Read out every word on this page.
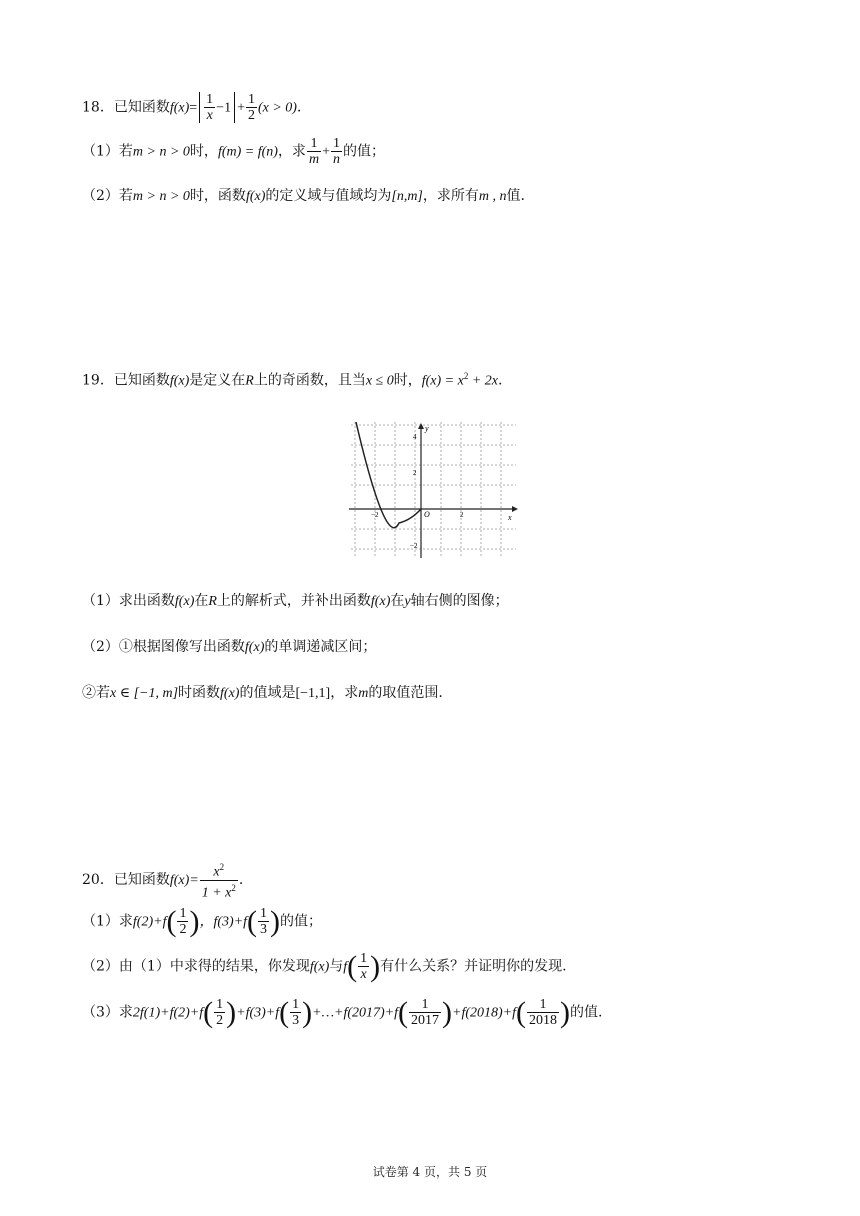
18．已知函数$f(x)= \frac{1}{x} -1 + \frac{1}{2} (x > 0)$．
（1）若m > n > 0时，f(m) = f(n)，求 $\frac{1}{m} + \frac{1}{n}$ 的值；
（2）若m > n > 0时，函数f(x)的定义域与值域均为[n,m]，求所有m , n值.
19．已知函数f(x)是定义在R上的奇函数，且当x ≤ 0时，$f(x) = x^2 + 2x$.
y
x
O
4
2
−2
2
−2
（1）求出函数f(x)在R上的解析式，并补出函数f(x)在y轴右侧的图像；
（2）①根据图像写出函数f(x)的单调递减区间；
②若x ∈ [−1, m]时函数f(x)的值域是[−1,1]，求m的取值范围.
20．已知函数$f(x)= \frac{x^2}{1 + x^2}$ .
（1）求$f(2)+f( \frac{1}{2}$ )，$f(3)+f( \frac{1}{3}$ )的值；
（2）由（1）中求得的结果，你发现f(x)与$f( \frac{1}{x}$ )有什么关系？并证明你的发现.
（3）求$2f(1)+f(2)+f( \frac{1}{2} )+f(3)+f( \frac{1}{3}$ )+…+f(2017)+f( $\frac{1}{2017} )+f(2018)+f( \frac{1}{2018}$ )的值.
试卷第 4 页，共 5 页
